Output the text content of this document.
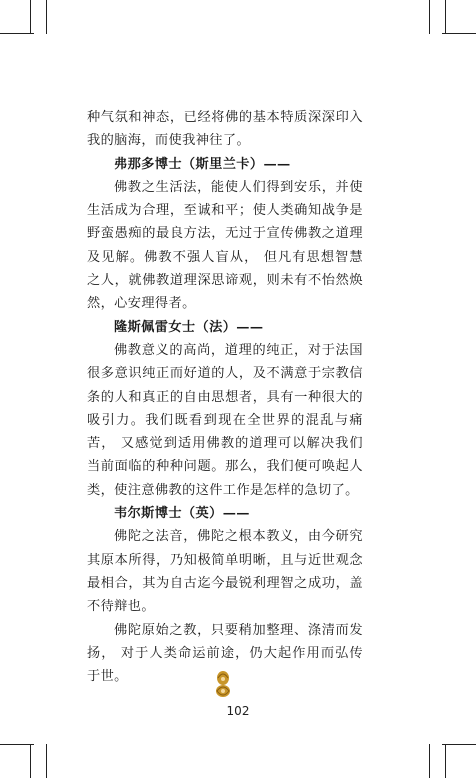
种气氛和神态，已经将佛的基本特质深深印入我的脑海，而使我神往了。

弗那多博士（斯里兰卡）——

佛教之生活法，能使人们得到安乐，并使生活成为合理，至诚和平；使人类确知战争是野蛮愚痴的最良方法，无过于宣传佛教之道理及见解。佛教不强人盲从， 但凡有思想智慧之人，就佛教道理深思谛观，则未有不怡然焕然，心安理得者。

隆斯佩雷女士（法）——

佛教意义的高尚，道理的纯正，对于法国很多意识纯正而好道的人，及不满意于宗教信条的人和真正的自由思想者，具有一种很大的吸引力。我们既看到现在全世界的混乱与痛苦， 又感觉到适用佛教的道理可以解决我们当前面临的种种问题。那么，我们便可唤起人类，使注意佛教的这件工作是怎样的急切了。

韦尔斯博士（英）——

佛陀之法音，佛陀之根本教义，由今研究其原本所得，乃知极简单明晰，且与近世观念最相合，其为自古迄今最锐利理智之成功，盖不待辩也。

佛陀原始之教，只要稍加整理、涤清而发扬， 对于人类命运前途，仍大起作用而弘传于世。

102
